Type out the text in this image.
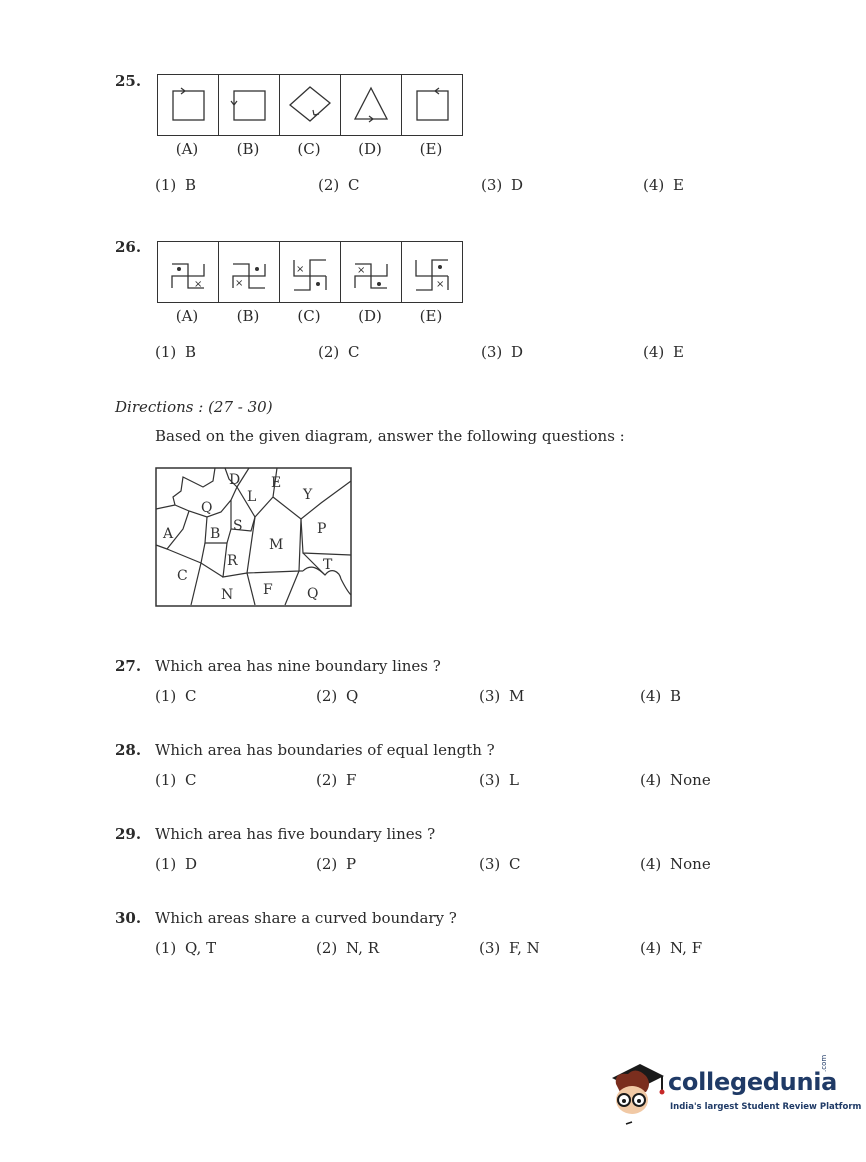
25.
(A)	(B)	(C)	(D)	(E)
(1) B	(2) C	(3) D	(4) E
26.
×	×
×	×
×
(A)	(B)	(C)	(D)	(E)
(1) B	(2) C	(3) D	(4) E
Directions : (27 - 30)
Based on the given diagram, answer the following questions :
D E
L	Y
Q
S
A	B
M
P
R
C
T
N F Q
27. Which area has nine boundary lines ?
(1) C	(2) Q	(3) M	(4) B
28. Which area has boundaries of equal length ?
(1) C	(2) F	(3) L	(4) None
29. Which area has five boundary lines ?
(1) D	(2) P	(3) C	(4) None
30. Which areas share a curved boundary ?
(1) Q, T	(2) N, R	(3) F, N	(4) N, F
collegedunia
.com
India's largest Student Review Platform
